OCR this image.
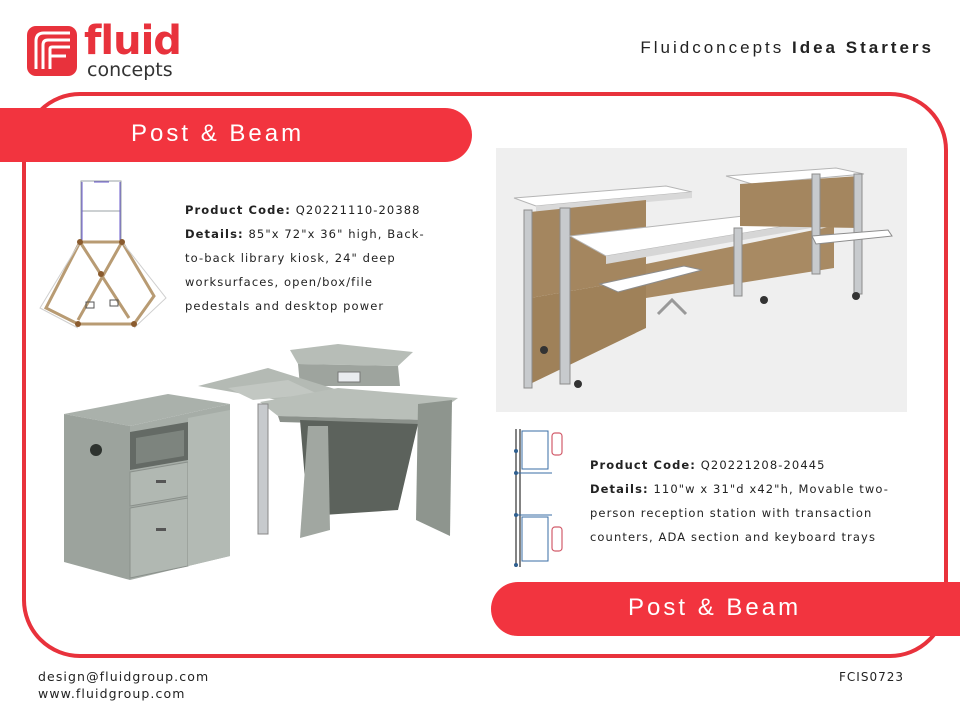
fluid
concepts
Fluidconcepts Idea Starters
Post & Beam
Product Code: Q20221110-20388
Details: 85"x 72"x 36" high, Back-to-back library kiosk, 24" deep worksurfaces, open/box/file pedestals and desktop power
Product Code: Q20221208-20445
Details: 110"w x 31"d x42"h, Movable two-person reception station with transaction counters, ADA section and keyboard trays
Post & Beam
design@fluidgroup.com
www.fluidgroup.com
FCIS0723
